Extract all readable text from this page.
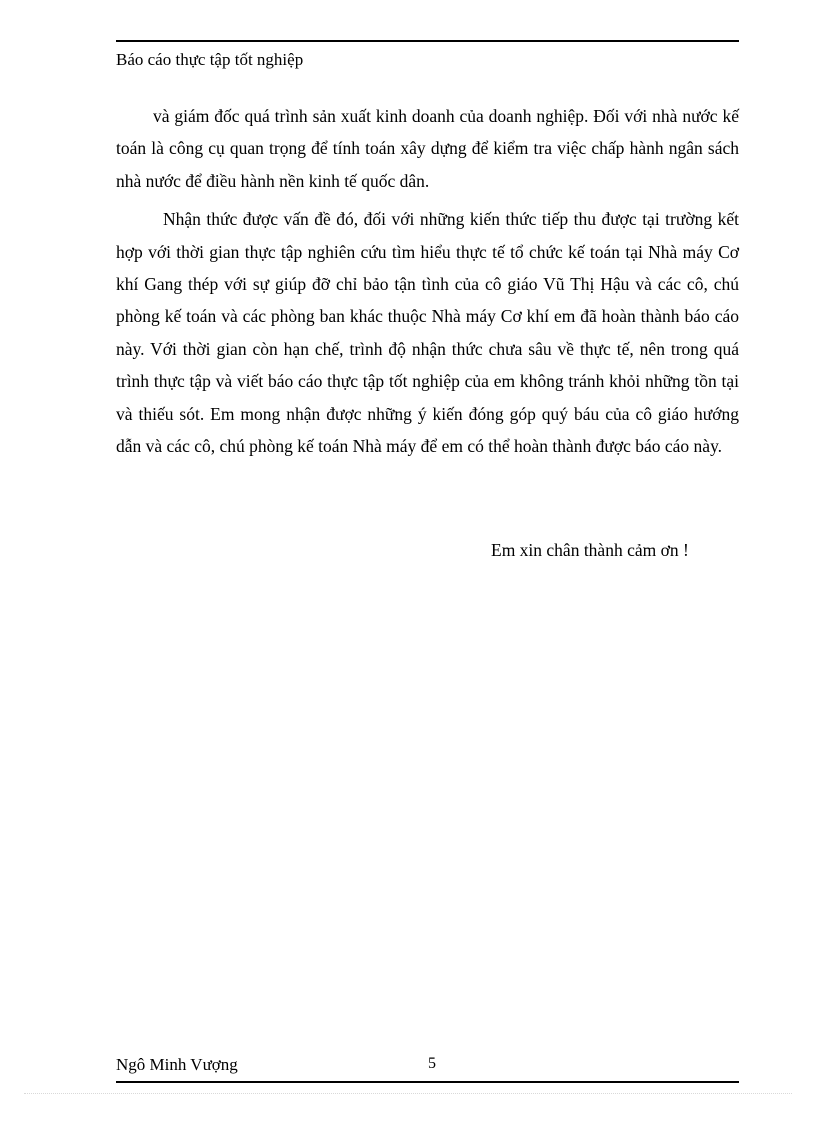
Báo cáo thực tập tốt nghiệp

và giám đốc quá trình sản xuất kinh doanh của doanh nghiệp. Đối với nhà nước kế toán là công cụ quan trọng để tính toán xây dựng để kiểm tra việc chấp hành ngân sách nhà nước để điều hành nền kinh tế quốc dân.

Nhận thức được vấn đề đó, đối với những kiến thức tiếp thu được tại trường kết hợp với thời gian thực tập nghiên cứu tìm hiểu thực tế tổ chức kế toán tại Nhà máy Cơ khí Gang thép với sự giúp đỡ chỉ bảo tận tình của cô giáo Vũ Thị Hậu và các cô, chú phòng kế toán và các phòng ban khác thuộc Nhà máy Cơ khí em đã hoàn thành báo cáo này. Với thời gian còn hạn chế, trình độ nhận thức chưa sâu về thực tế, nên trong quá trình thực tập và viết báo cáo thực tập tốt nghiệp của em không tránh khỏi những tồn tại và thiếu sót. Em mong nhận được những ý kiến đóng góp quý báu của cô giáo hướng dẫn và các cô, chú phòng kế toán Nhà máy để em có thể hoàn thành được báo cáo này.

Em xin chân thành cảm ơn !
Ngô Minh Vượng	5
